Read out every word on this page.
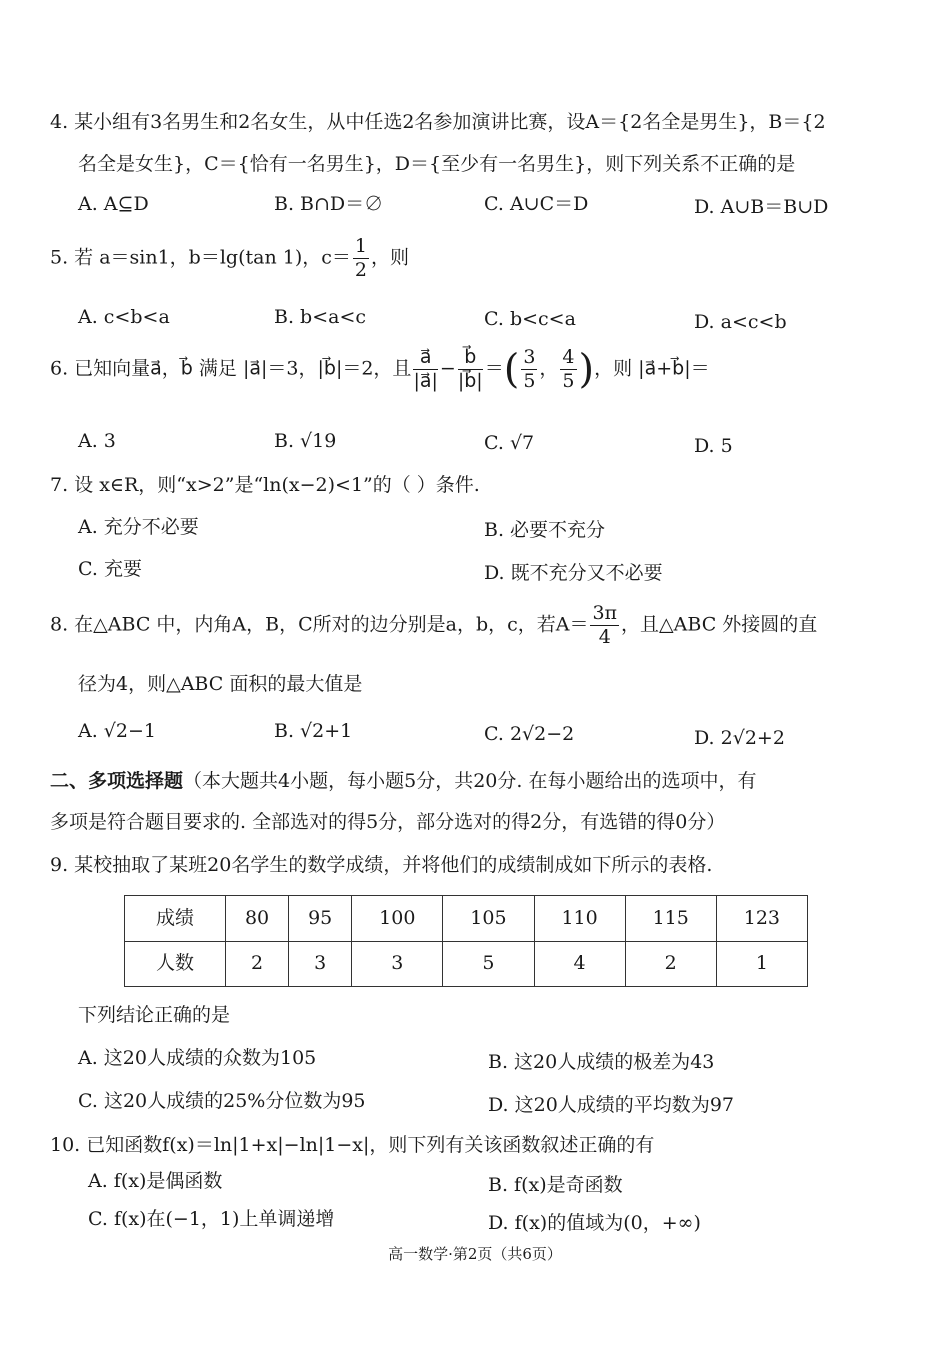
4. 某小组有3名男生和2名女生，从中任选2名参加演讲比赛，设A＝{2名全是男生}，B＝{2
名全是女生}，C＝{恰有一名男生}，D＝{至少有一名男生}，则下列关系不正确的是
A. A⊆D	B. B∩D＝∅	C. A∪C＝D	D. A∪B＝B∪D
5. 若 a＝sin1，b＝lg(tan 1)，$c= \frac{1}{2}$ ，则
A. c<b<a	B. b<a<c	C. b<c<a	D. a<c<b
6. 已知向量a⃗，b⃗ 满足 |a⃗|＝3，|b⃗|＝2，且 $\frac{a⃗}{|a⃗|} - \frac{b⃗}{|b⃗|}$ ＝( $\frac{3}{5}$ ， $\frac{4}{5}$ )，则 |a⃗+b⃗|＝
A. 3	B. √19	C. √7	D. 5
7. 设 x∈R，则“x>2”是“ln(x−2)<1”的（ ）条件.
A. 充分不必要	B. 必要不充分
C. 充要	D. 既不充分又不必要
8. 在△ABC 中，内角A，B，C所对的边分别是a，b，c，若$A= \frac{3\pi}{4}$ ，且△ABC 外接圆的直
径为4，则△ABC 面积的最大值是
A. √2−1	B. √2+1	C. 2√2−2	D. 2√2+2
二、多项选择题（本大题共4小题，每小题5分，共20分. 在每小题给出的选项中，有
多项是符合题目要求的. 全部选对的得5分，部分选对的得2分，有选错的得0分）
9. 某校抽取了某班20名学生的数学成绩，并将他们的成绩制成如下所示的表格.
成绩	80	95	100	105	110	115	123
人数	2	3	3	5	4	2	1
下列结论正确的是
A. 这20人成绩的众数为105	B. 这20人成绩的极差为43
C. 这20人成绩的25%分位数为95	D. 这20人成绩的平均数为97
10. 已知函数f(x)＝ln|1+x|−ln|1−x|，则下列有关该函数叙述正确的有
A. f(x)是偶函数	B. f(x)是奇函数
C. f(x)在(−1，1)上单调递增	D. f(x)的值域为(0，+∞)
高一数学·第2页（共6页）
